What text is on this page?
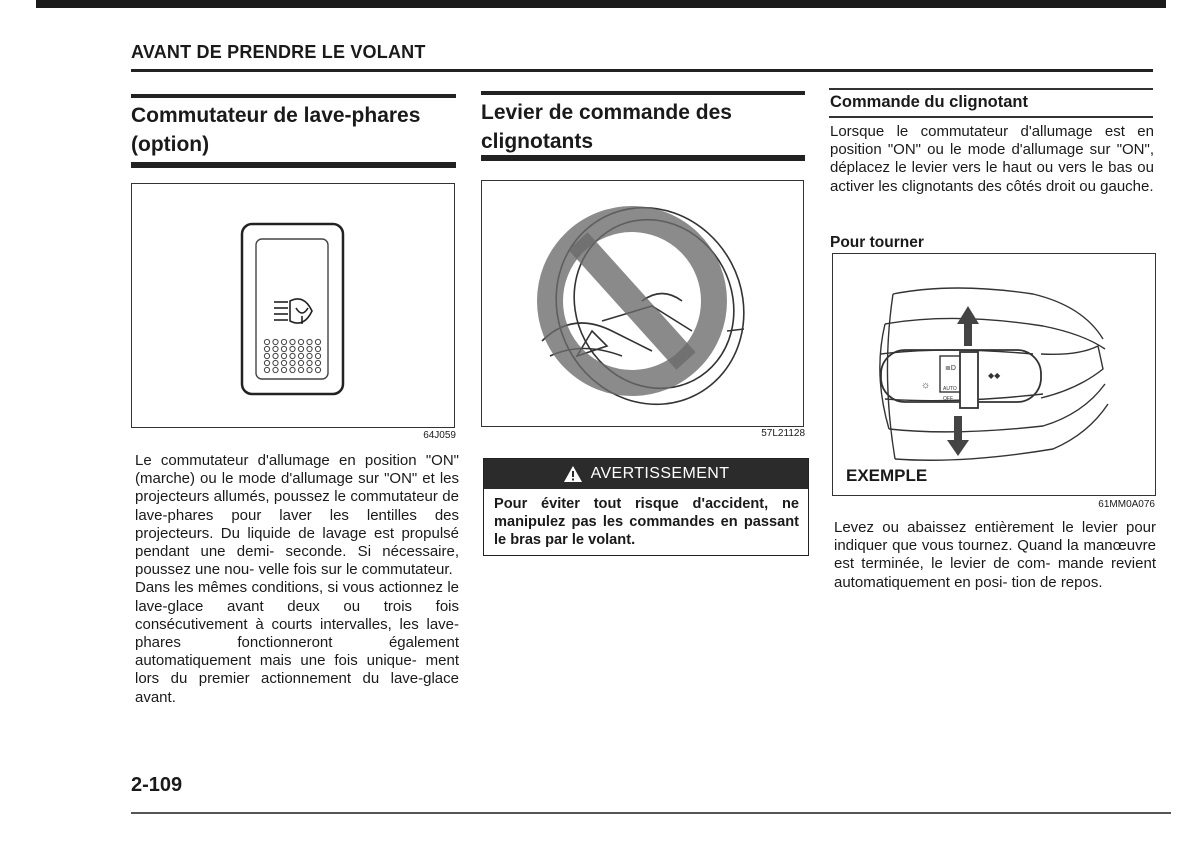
AVANT DE PRENDRE LE VOLANT
Commutateur de lave-phares
(option)
64J059

Le commutateur d'allumage en position "ON" (marche) ou le mode d'allumage sur "ON" et les projecteurs allumés, poussez le commutateur de lave-phares pour laver les lentilles des projecteurs. Du liquide de lavage est propulsé pendant une demi- seconde. Si nécessaire, poussez une nou- velle fois sur le commutateur.

Dans les mêmes conditions, si vous actionnez le lave-glace avant deux ou trois fois consécutivement à courts intervalles, les lave-phares fonctionneront également automatiquement mais une fois unique- ment lors du premier actionnement du lave-glace avant.

2-109
Levier de commande des
clignotants
57L21128
AVERTISSEMENT
Pour éviter tout risque d'accident, ne manipulez pas les commandes en passant le bras par le volant.
Commande du clignotant
Lorsque le commutateur d'allumage est en position "ON" ou le mode d'allumage sur "ON", déplacez le levier vers le haut ou vers le bas ou activer les clignotants des côtés droit ou gauche.
Pour tourner
≣D
☼	AUTO
OFF
◆◆
EXEMPLE
61MM0A076
Levez ou abaissez entièrement le levier pour indiquer que vous tournez. Quand la manœuvre est terminée, le levier de com- mande revient automatiquement en posi- tion de repos.
